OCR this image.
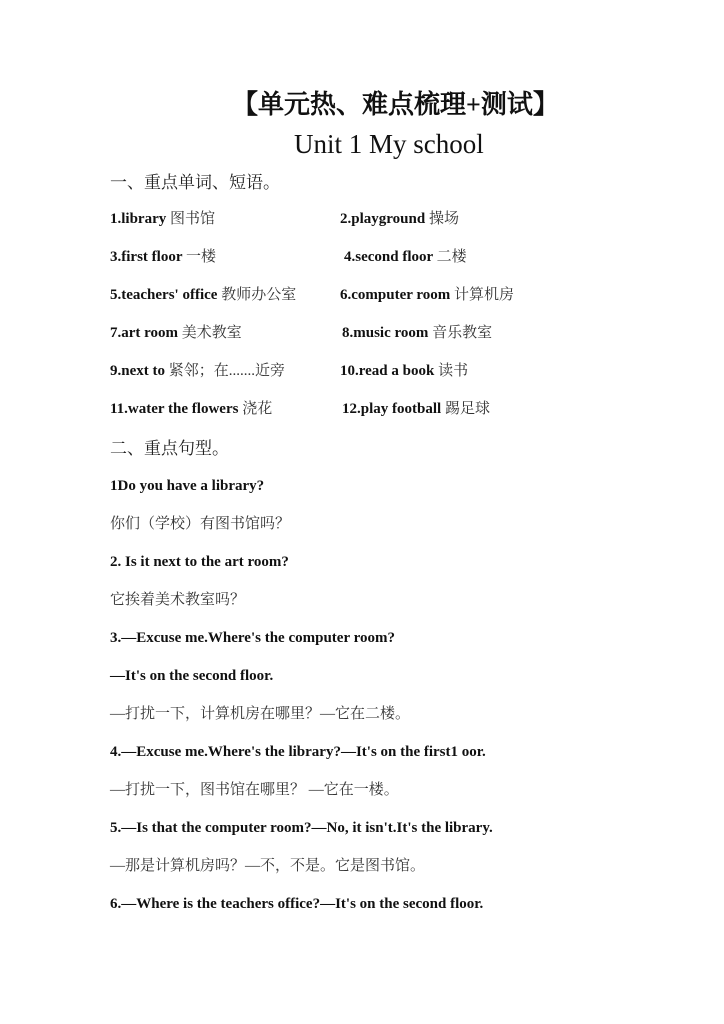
【单元热、难点梳理+测试】
Unit 1 My school
一、重点单词、短语。
1.library 图书馆	2.playground 操场
3.first floor 一楼	4.second floor 二楼
5.teachers' office 教师办公室	6.computer room 计算机房
7.art room 美术教室	8.music room 音乐教室
9.next to 紧邻；在.......近旁	10.read a book 读书
11.water the flowers 浇花	12.play football 踢足球
二、重点句型。
1Do you have a library?
你们（学校）有图书馆吗？
2. Is it next to the art room?
它挨着美术教室吗？
3.—Excuse me.Where's the computer room?
—It's on the second floor.
—打扰一下，计算机房在哪里？—它在二楼。
4.—Excuse me.Where's the library?—It's on the first1 oor.
—打扰一下，图书馆在哪里？ —它在一楼。
5.—Is that the computer room?—No, it isn't.It's the library.
—那是计算机房吗？—不，不是。它是图书馆。
6.—Where is the teachers office?—It's on the second floor.
